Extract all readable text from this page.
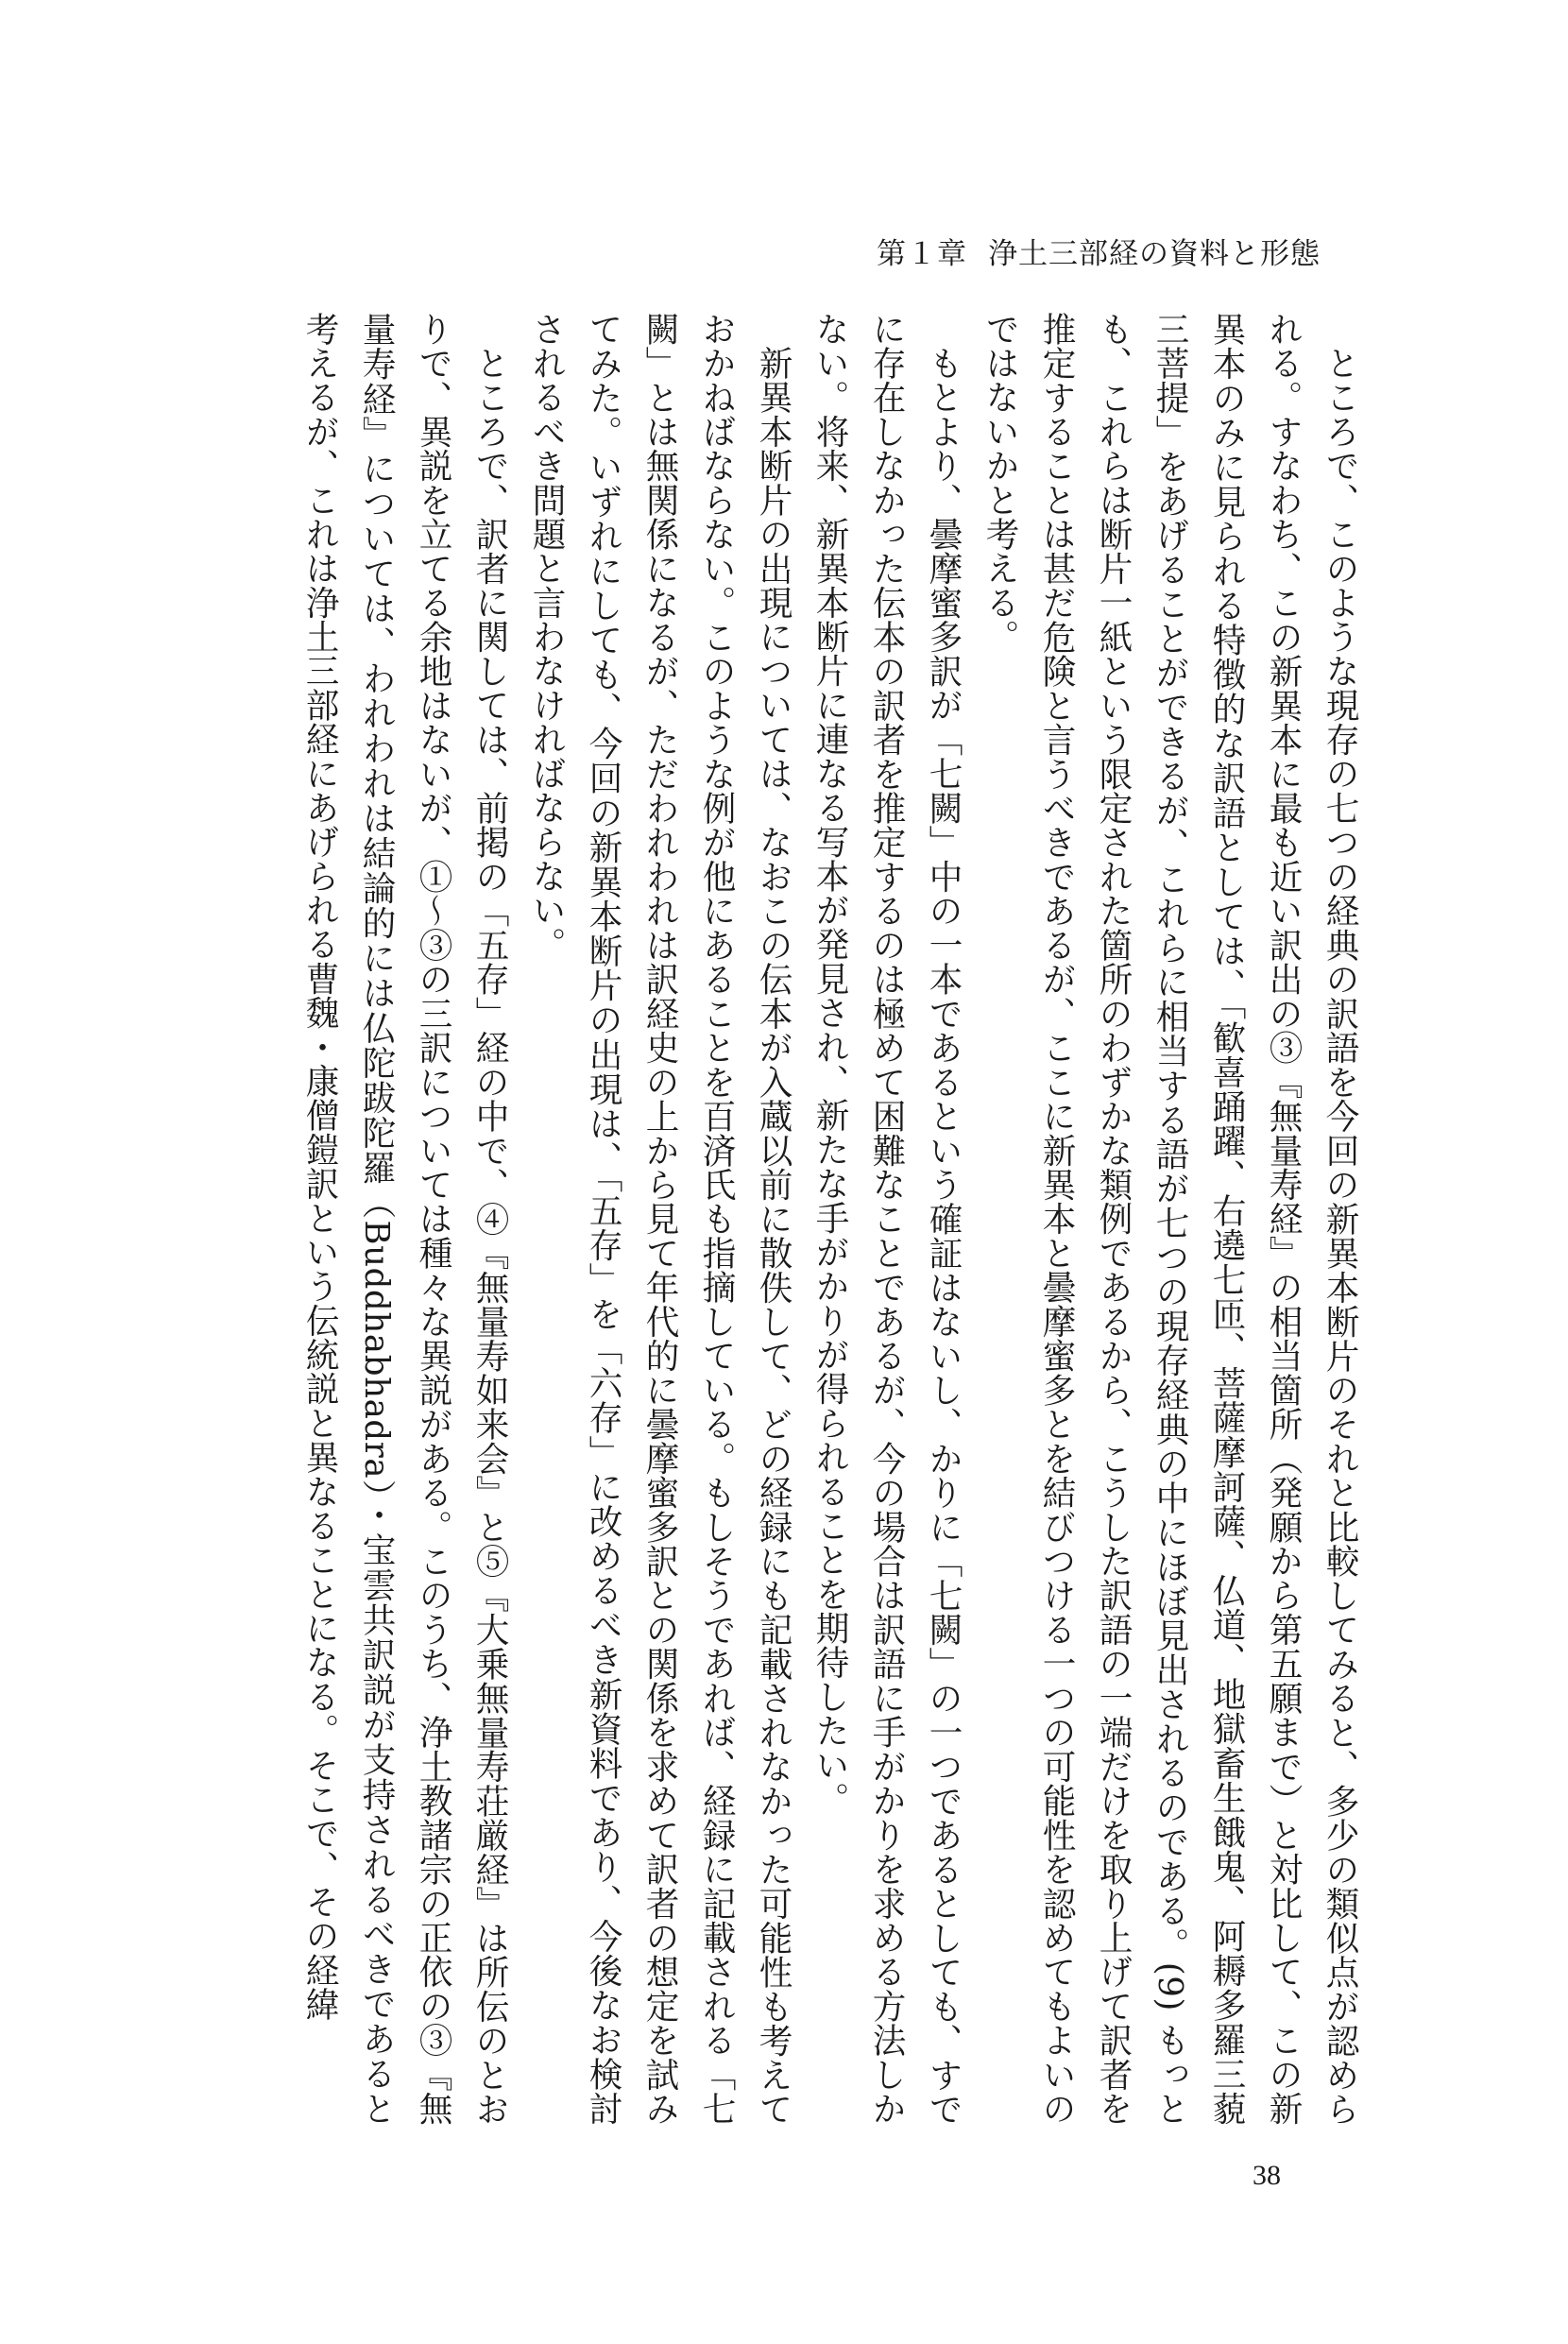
第１章 浄土三部経の資料と形態

ところで、このような現存の七つの経典の訳語を今回の新異本断片のそれと比較してみると、多少の類似点が認められる。すなわち、この新異本に最も近い訳出の③『無量寿経』の相当箇所（発願から第五願まで）と対比して、この新異本のみに見られる特徴的な訳語としては、「歓喜踊躍、右遶七匝、菩薩摩訶薩、仏道、地獄畜生餓鬼、阿耨多羅三藐三菩提」をあげることができるが、これらに相当する語が七つの現存経典の中にほぼ見出されるのである。(9) もっとも、これらは断片一紙という限定された箇所のわずかな類例であるから、こうした訳語の一端だけを取り上げて訳者を推定することは甚だ危険と言うべきであるが、ここに新異本と曇摩蜜多とを結びつける一つの可能性を認めてもよいのではないかと考える。

もとより、曇摩蜜多訳が「七闕」中の一本であるという確証はないし、かりに「七闕」の一つであるとしても、すでに存在しなかった伝本の訳者を推定するのは極めて困難なことであるが、今の場合は訳語に手がかりを求める方法しかない。将来、新異本断片に連なる写本が発見され、新たな手がかりが得られることを期待したい。

新異本断片の出現については、なおこの伝本が入蔵以前に散佚して、どの経録にも記載されなかった可能性も考えておかねばならない。このような例が他にあることを百済氏も指摘している。もしそうであれば、経録に記載される「七闕」とは無関係になるが、ただわれわれは訳経史の上から見て年代的に曇摩蜜多訳との関係を求めて訳者の想定を試みてみた。いずれにしても、今回の新異本断片の出現は、「五存」を「六存」に改めるべき新資料であり、今後なお検討されるべき問題と言わなければならない。

ところで、訳者に関しては、前掲の「五存」経の中で、④『無量寿如来会』と⑤『大乗無量寿荘厳経』は所伝のとおりで、異説を立てる余地はないが、①〜③の三訳については種々な異説がある。このうち、浄土教諸宗の正依の③『無量寿経』については、われわれは結論的には仏陀跋陀羅（Buddhabhadra）・宝雲共訳説が支持されるべきであると考えるが、これは浄土三部経にあげられる曹魏・康僧鎧訳という伝統説と異なることになる。そこで、その経緯

38
